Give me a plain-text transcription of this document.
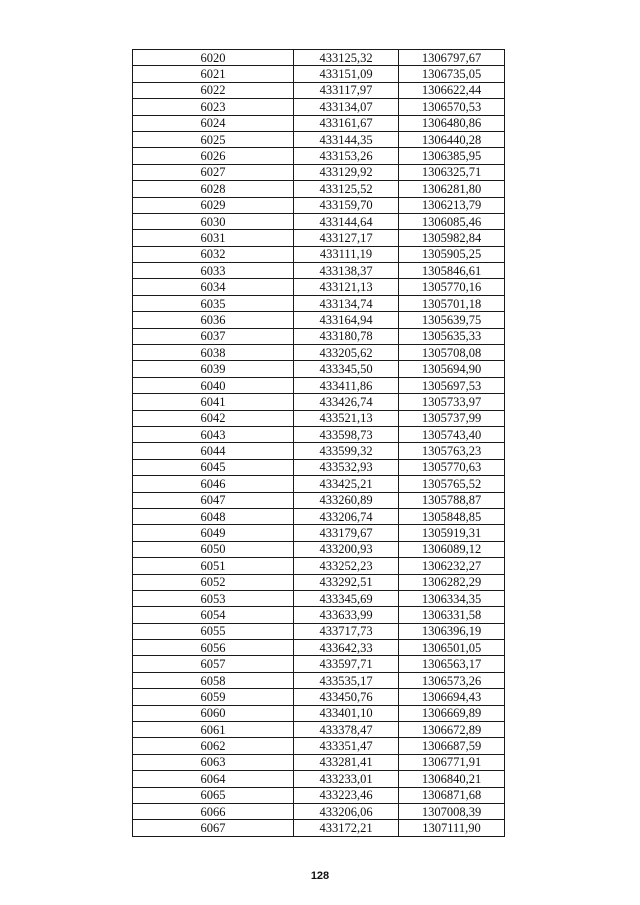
6020	433125,32	1306797,67
6021	433151,09	1306735,05
6022	433117,97	1306622,44
6023	433134,07	1306570,53
6024	433161,67	1306480,86
6025	433144,35	1306440,28
6026	433153,26	1306385,95
6027	433129,92	1306325,71
6028	433125,52	1306281,80
6029	433159,70	1306213,79
6030	433144,64	1306085,46
6031	433127,17	1305982,84
6032	433111,19	1305905,25
6033	433138,37	1305846,61
6034	433121,13	1305770,16
6035	433134,74	1305701,18
6036	433164,94	1305639,75
6037	433180,78	1305635,33
6038	433205,62	1305708,08
6039	433345,50	1305694,90
6040	433411,86	1305697,53
6041	433426,74	1305733,97
6042	433521,13	1305737,99
6043	433598,73	1305743,40
6044	433599,32	1305763,23
6045	433532,93	1305770,63
6046	433425,21	1305765,52
6047	433260,89	1305788,87
6048	433206,74	1305848,85
6049	433179,67	1305919,31
6050	433200,93	1306089,12
6051	433252,23	1306232,27
6052	433292,51	1306282,29
6053	433345,69	1306334,35
6054	433633,99	1306331,58
6055	433717,73	1306396,19
6056	433642,33	1306501,05
6057	433597,71	1306563,17
6058	433535,17	1306573,26
6059	433450,76	1306694,43
6060	433401,10	1306669,89
6061	433378,47	1306672,89
6062	433351,47	1306687,59
6063	433281,41	1306771,91
6064	433233,01	1306840,21
6065	433223,46	1306871,68
6066	433206,06	1307008,39
6067	433172,21	1307111,90
128
